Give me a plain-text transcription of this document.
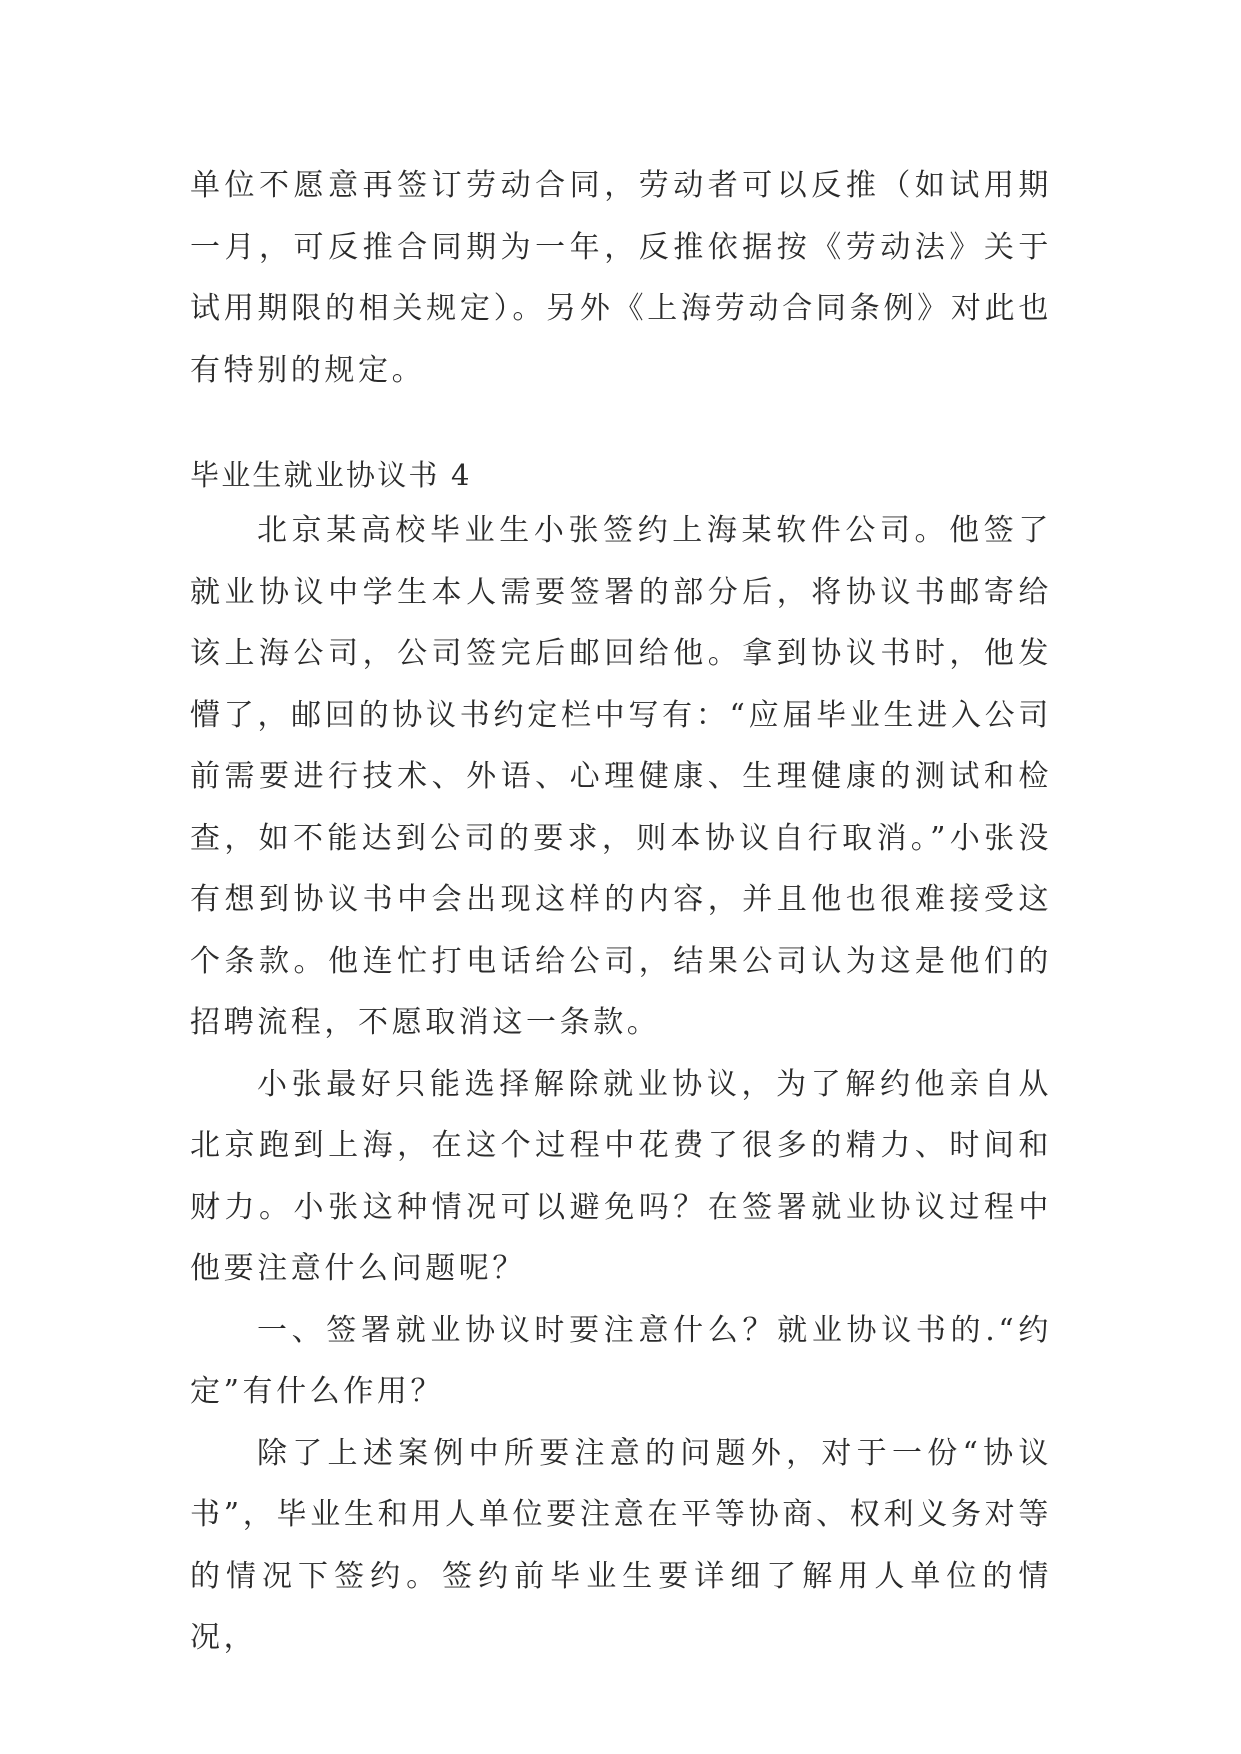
单位不愿意再签订劳动合同，劳动者可以反推（如试用期一月，可反推合同期为一年，反推依据按《劳动法》关于试用期限的相关规定）。另外《上海劳动合同条例》对此也有特别的规定。

毕业生就业协议书 4

北京某高校毕业生小张签约上海某软件公司。他签了就业协议中学生本人需要签署的部分后，将协议书邮寄给该上海公司，公司签完后邮回给他。拿到协议书时，他发懵了，邮回的协议书约定栏中写有：“应届毕业生进入公司前需要进行技术、外语、心理健康、生理健康的测试和检查，如不能达到公司的要求，则本协议自行取消。”小张没有想到协议书中会出现这样的内容，并且他也很难接受这个条款。他连忙打电话给公司，结果公司认为这是他们的招聘流程，不愿取消这一条款。

小张最好只能选择解除就业协议，为了解约他亲自从北京跑到上海，在这个过程中花费了很多的精力、时间和财力。小张这种情况可以避免吗？在签署就业协议过程中他要注意什么问题呢？

一、签署就业协议时要注意什么？就业协议书的.“约定”有什么作用？

除了上述案例中所要注意的问题外，对于一份“协议书”，毕业生和用人单位要注意在平等协商、权利义务对等的情况下签约。签约前毕业生要详细了解用人单位的情况，
